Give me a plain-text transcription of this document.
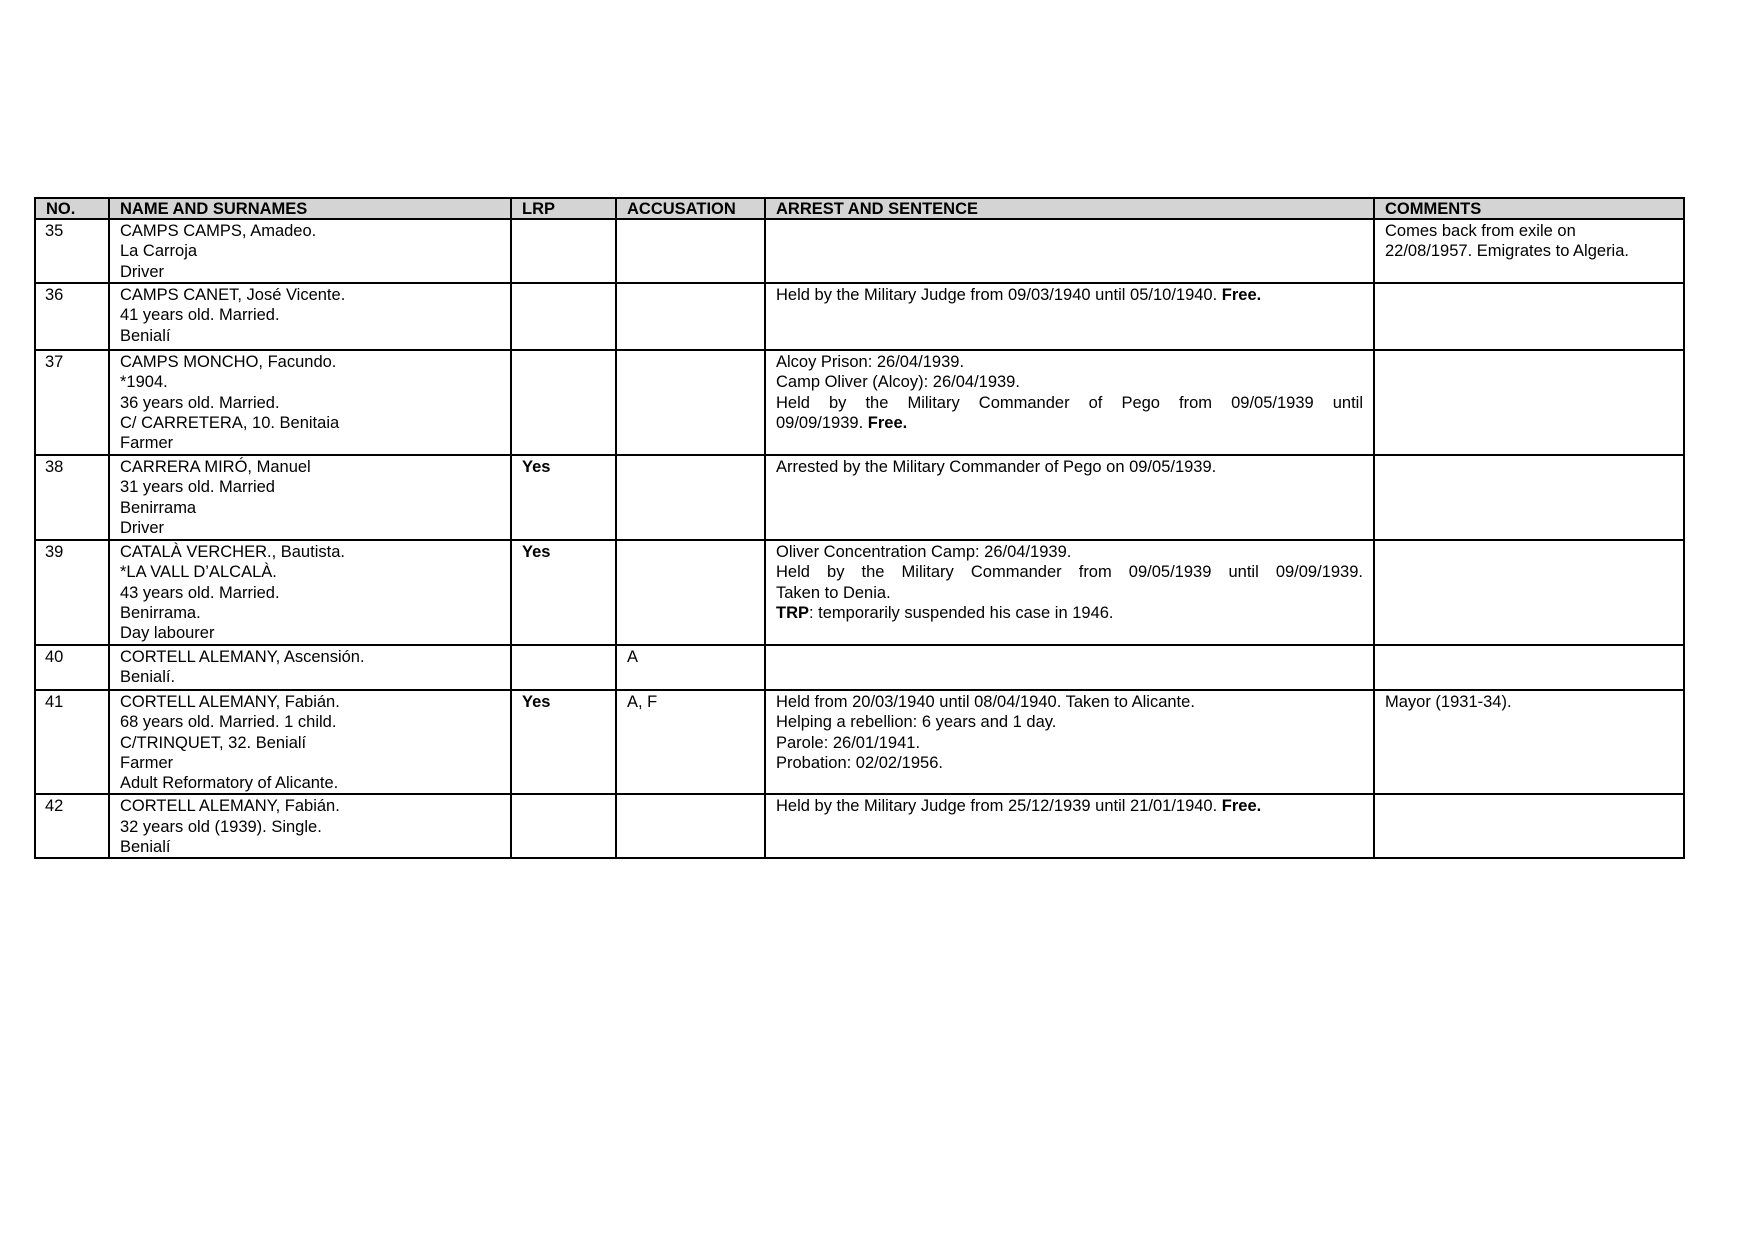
NO.	NAME AND SURNAMES	LRP	ACCUSATION	ARREST AND SENTENCE	COMMENTS
35	CAMPS CAMPS, Amadeo.
La Carroja
Driver				Comes back from exile on
22/08/1957. Emigrates to Algeria.

36	CAMPS CANET, José Vicente.
41 years old. Married.
Benialí			Held by the Military Judge from 09/03/1940 until 05/10/1940. Free.	

37	CAMPS MONCHO, Facundo.
*1904.
36 years old. Married.
C/ CARRETERA, 10. Benitaia
Farmer			Alcoy Prison: 26/04/1939.
Camp Oliver (Alcoy): 26/04/1939.
Held by the Military Commander of Pego from 09/05/1939 until
09/09/1939. Free.	

38	CARRERA MIRÓ, Manuel
31 years old. Married
Benirrama
Driver	Yes		Arrested by the Military Commander of Pego on 09/05/1939.	

39	CATALÀ VERCHER., Bautista.
*LA VALL D’ALCALÀ.
43 years old. Married.
Benirrama.
Day labourer	Yes		Oliver Concentration Camp: 26/04/1939.
Held by the Military Commander from 09/05/1939 until 09/09/1939.
Taken to Denia.
TRP: temporarily suspended his case in 1946.	

40	CORTELL ALEMANY, Ascensión.
Benialí.		A		
41	CORTELL ALEMANY, Fabián.
68 years old. Married. 1 child.
C/TRINQUET, 32. Benialí
Farmer
Adult Reformatory of Alicante.	Yes	A, F	Held from 20/03/1940 until 08/04/1940. Taken to Alicante.
Helping a rebellion: 6 years and 1 day.
Parole: 26/01/1941.
Probation: 02/02/1956.	Mayor (1931-34).

42	CORTELL ALEMANY, Fabián.
32 years old (1939). Single.
Benialí			Held by the Military Judge from 25/12/1939 until 21/01/1940. Free.	
